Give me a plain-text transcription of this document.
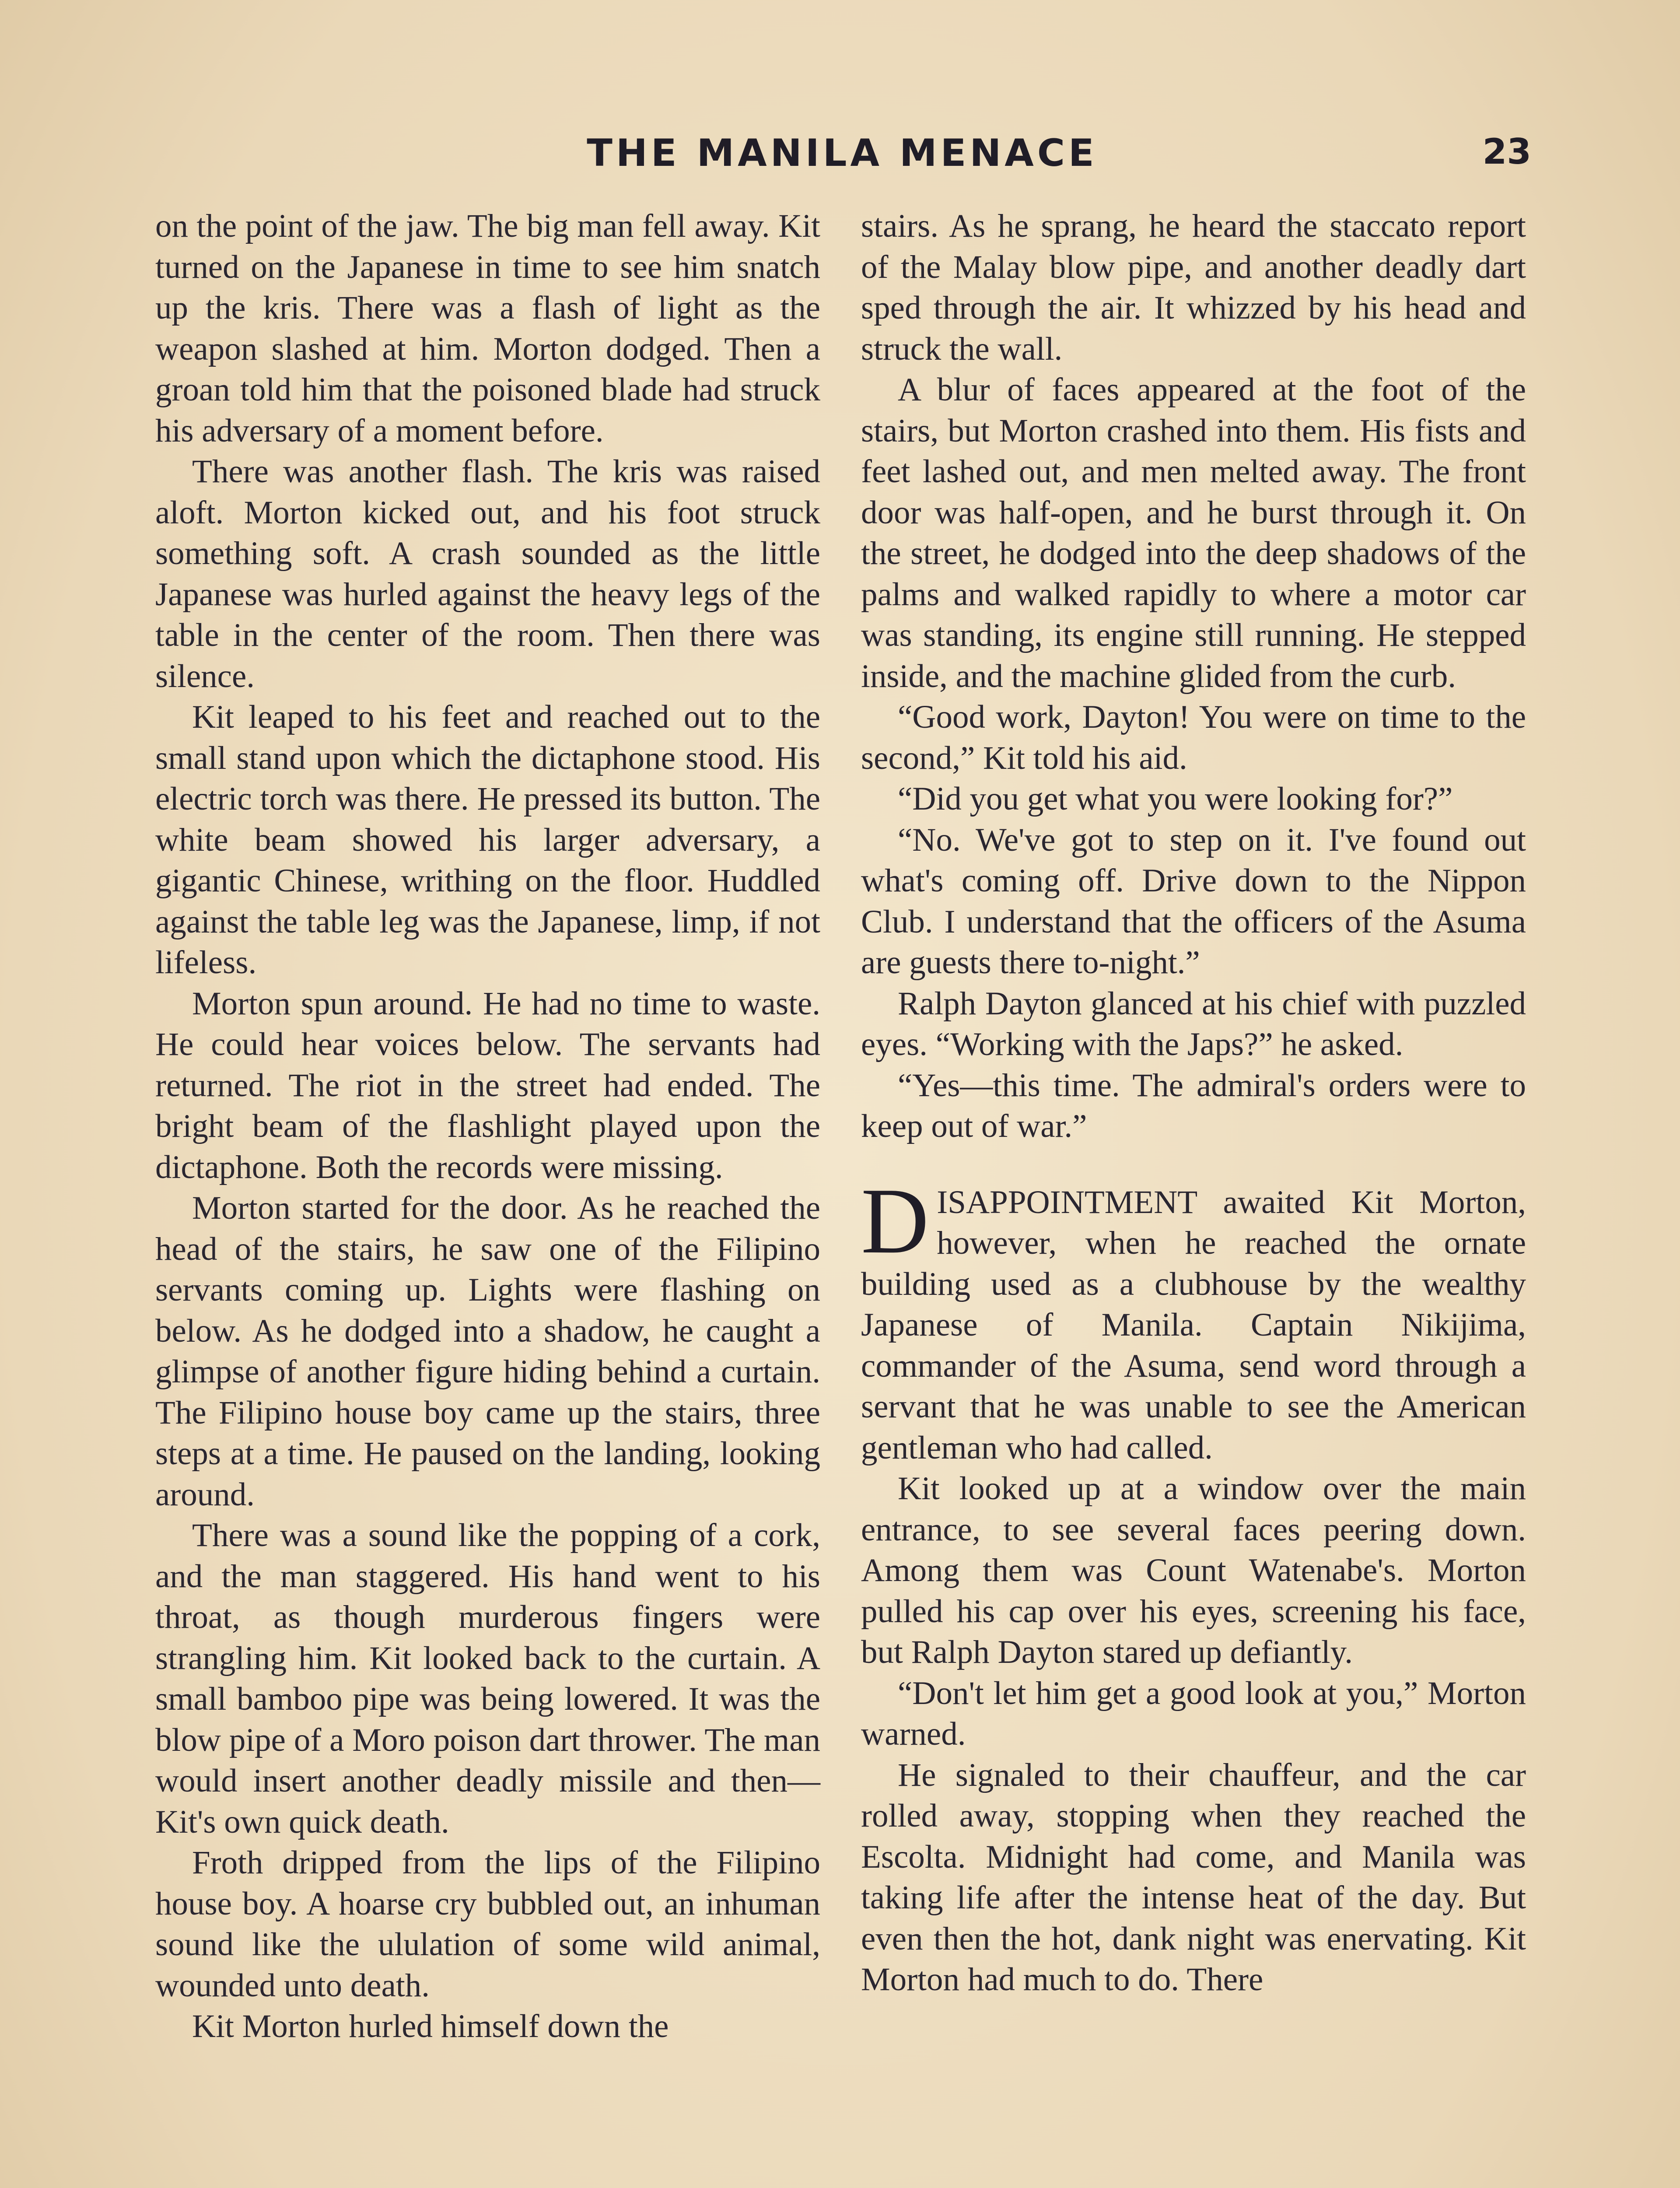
THE MANILA MENACE	23

on the point of the jaw. The big man fell away. Kit turned on the Japanese in time to see him snatch up the kris. There was a flash of light as the weapon slashed at him. Morton dodged. Then a groan told him that the poisoned blade had struck his adversary of a moment before.

There was another flash. The kris was raised aloft. Morton kicked out, and his foot struck something soft. A crash sounded as the little Japanese was hurled against the heavy legs of the table in the center of the room. Then there was silence.

Kit leaped to his feet and reached out to the small stand upon which the dictaphone stood. His electric torch was there. He pressed its button. The white beam showed his larger adversary, a gigantic Chinese, writhing on the floor. Huddled against the table leg was the Japanese, limp, if not lifeless.

Morton spun around. He had no time to waste. He could hear voices below. The servants had returned. The riot in the street had ended. The bright beam of the flashlight played upon the dictaphone. Both the records were missing.

Morton started for the door. As he reached the head of the stairs, he saw one of the Filipino servants coming up. Lights were flashing on below. As he dodged into a shadow, he caught a glimpse of another figure hiding behind a curtain. The Filipino house boy came up the stairs, three steps at a time. He paused on the landing, looking around.

There was a sound like the popping of a cork, and the man staggered. His hand went to his throat, as though murderous fingers were strangling him. Kit looked back to the curtain. A small bamboo pipe was being lowered. It was the blow pipe of a Moro poison dart thrower. The man would insert another deadly missile and then—Kit's own quick death.

Froth dripped from the lips of the Filipino house boy. A hoarse cry bubbled out, an inhuman sound like the ululation of some wild animal, wounded unto death.

Kit Morton hurled himself down the

stairs. As he sprang, he heard the staccato report of the Malay blow pipe, and another deadly dart sped through the air. It whizzed by his head and struck the wall.

A blur of faces appeared at the foot of the stairs, but Morton crashed into them. His fists and feet lashed out, and men melted away. The front door was half-open, and he burst through it. On the street, he dodged into the deep shadows of the palms and walked rapidly to where a motor car was standing, its engine still running. He stepped inside, and the machine glided from the curb.

“Good work, Dayton! You were on time to the second,” Kit told his aid.

“Did you get what you were looking for?”

“No. We've got to step on it. I've found out what's coming off. Drive down to the Nippon Club. I understand that the officers of the Asuma are guests there to-night.”

Ralph Dayton glanced at his chief with puzzled eyes. “Working with the Japs?” he asked.

“Yes—this time. The admiral's orders were to keep out of war.”

DISAPPOINTMENT awaited Kit Morton, however, when he reached the ornate building used as a clubhouse by the wealthy Japanese of Manila. Captain Nikijima, commander of the Asuma, send word through a servant that he was unable to see the American gentleman who had called.

Kit looked up at a window over the main entrance, to see several faces peering down. Among them was Count Watenabe's. Morton pulled his cap over his eyes, screening his face, but Ralph Dayton stared up defiantly.

“Don't let him get a good look at you,” Morton warned.

He signaled to their chauffeur, and the car rolled away, stopping when they reached the Escolta. Midnight had come, and Manila was taking life after the intense heat of the day. But even then the hot, dank night was enervating. Kit Morton had much to do. There
